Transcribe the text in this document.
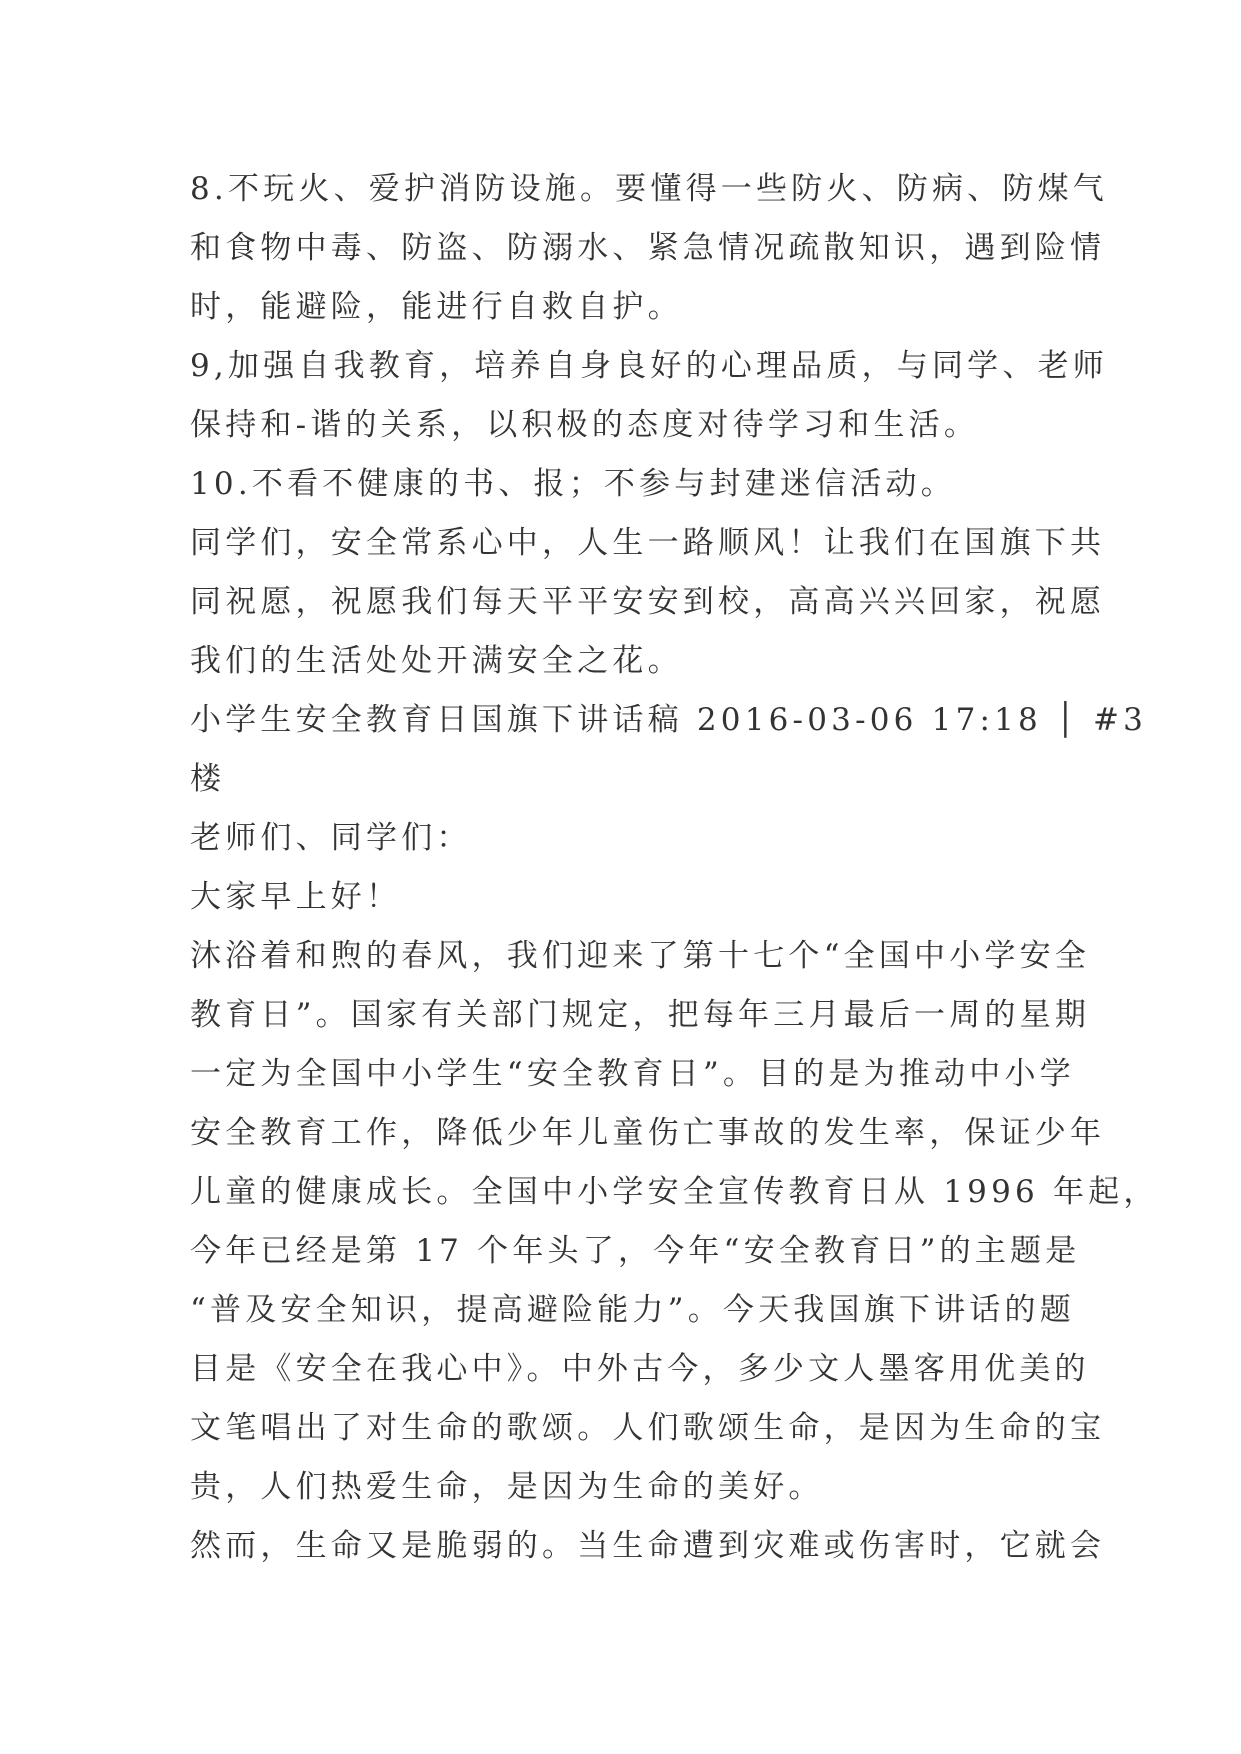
8.不玩火、爱护消防设施。要懂得一些防火、防病、防煤气
和食物中毒、防盗、防溺水、紧急情况疏散知识，遇到险情
时，能避险，能进行自救自护。
9,加强自我教育，培养自身良好的心理品质，与同学、老师
保持和-谐的关系，以积极的态度对待学习和生活。
10.不看不健康的书、报；不参与封建迷信活动。
同学们，安全常系心中，人生一路顺风！让我们在国旗下共
同祝愿，祝愿我们每天平平安安到校，高高兴兴回家，祝愿
我们的生活处处开满安全之花。
小学生安全教育日国旗下讲话稿 2016-03-06 17:18 │ #3
楼
老师们、同学们：
大家早上好！
沐浴着和煦的春风，我们迎来了第十七个“全国中小学安全
教育日”。国家有关部门规定，把每年三月最后一周的星期
一定为全国中小学生“安全教育日”。目的是为推动中小学
安全教育工作，降低少年儿童伤亡事故的发生率，保证少年
儿童的健康成长。全国中小学安全宣传教育日从 1996 年起，
今年已经是第 17 个年头了，今年“安全教育日”的主题是
“普及安全知识，提高避险能力”。今天我国旗下讲话的题
目是《安全在我心中》。中外古今，多少文人墨客用优美的
文笔唱出了对生命的歌颂。人们歌颂生命，是因为生命的宝
贵，人们热爱生命，是因为生命的美好。
然而，生命又是脆弱的。当生命遭到灾难或伤害时，它就会
